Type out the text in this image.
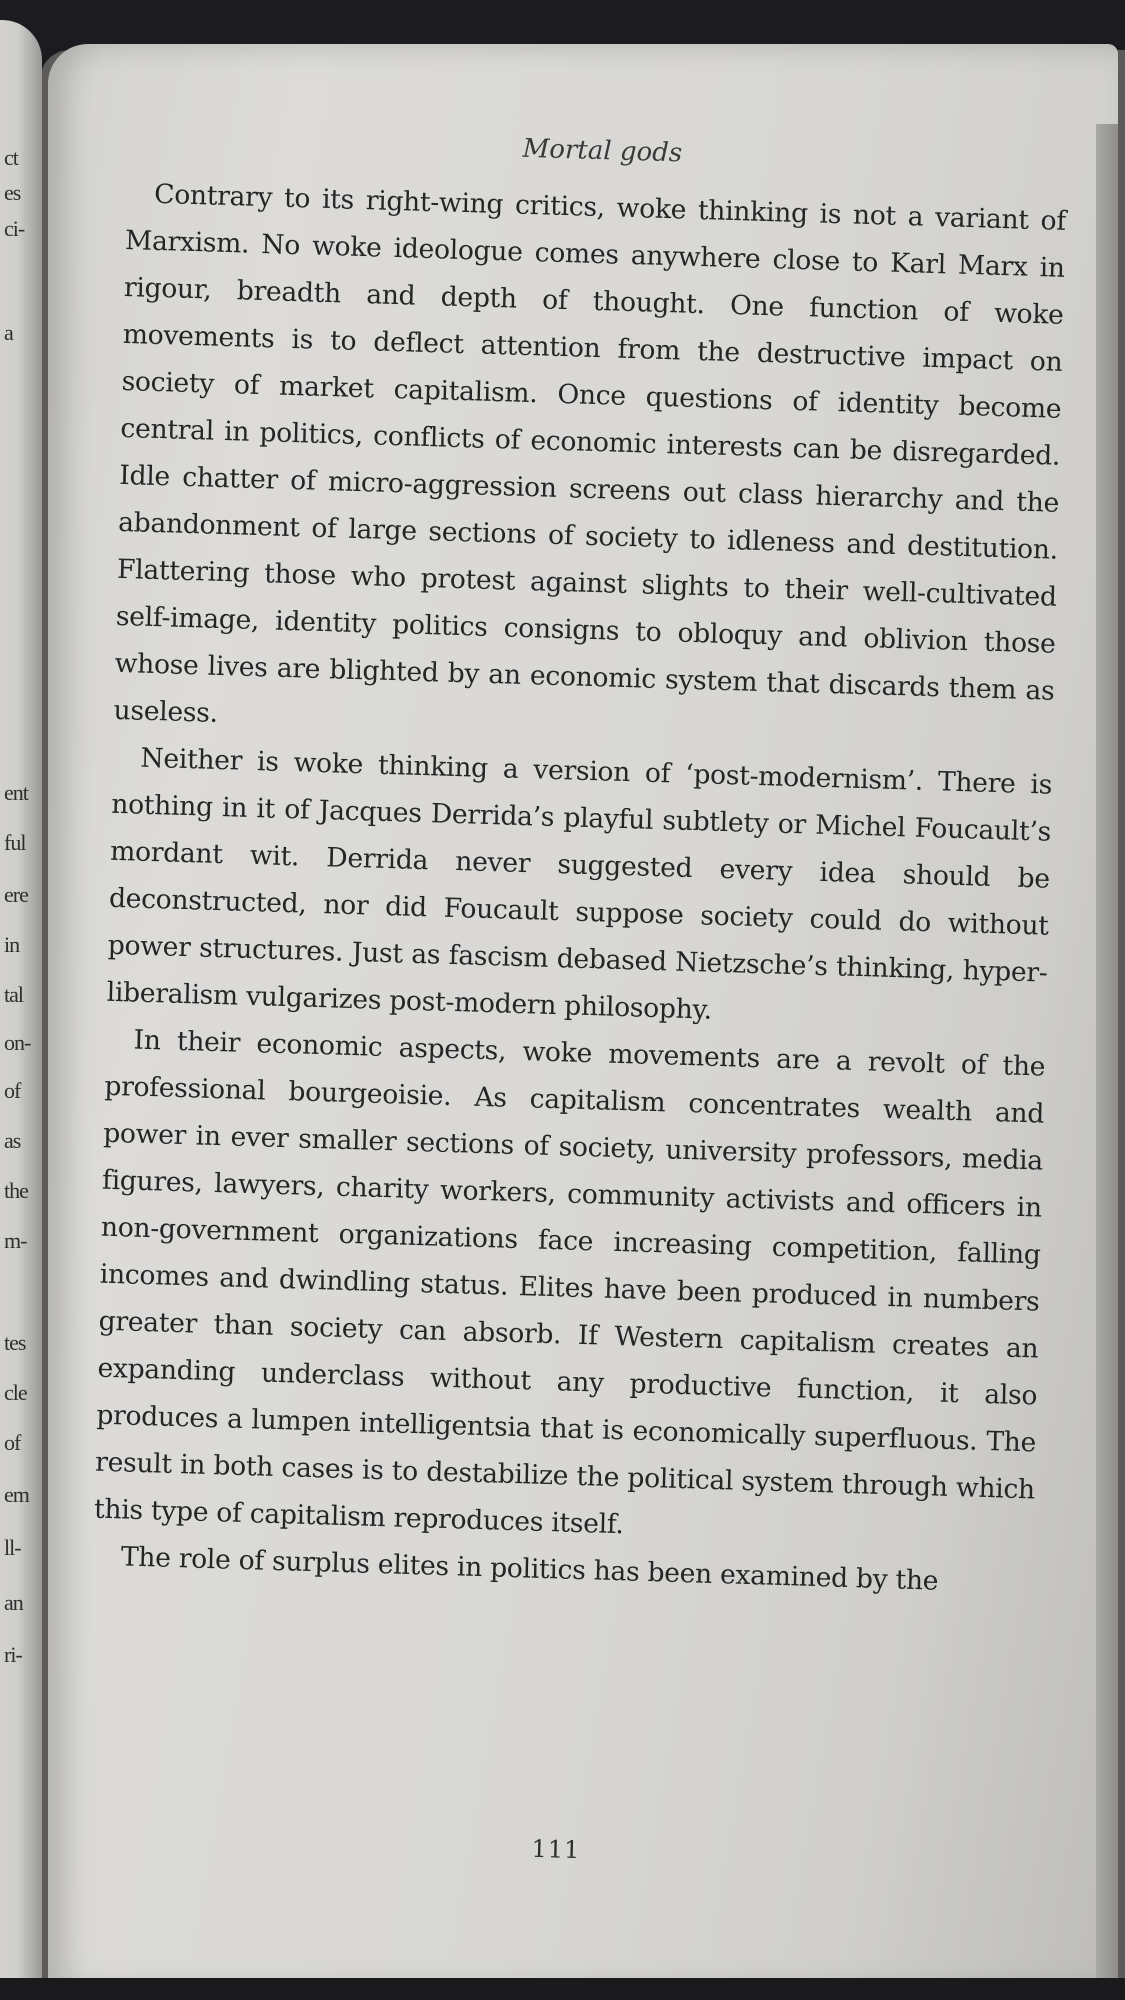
ct
es
ci-
a
ent
ful
ere
in
tal
on-
of
as
the
m-
tes
cle
of
em
ll-
an
ri-
Mortal gods

Contrary to its right-wing critics, woke thinking is not a variant of Marxism. No woke ideologue comes anywhere close to Karl Marx in rigour, breadth and depth of thought. One function of woke movements is to deflect attention from the destructive impact on society of market capitalism. Once questions of identity become central in politics, conflicts of economic interests can be disregarded. Idle chatter of micro-aggression screens out class hierarchy and the abandonment of large sections of society to idleness and destitution. Flattering those who protest against slights to their well-cultivated self-image, identity politics consigns to obloquy and oblivion those whose lives are blighted by an economic system that discards them as useless.

Neither is woke thinking a version of ‘post-modernism’. There is nothing in it of Jacques Derrida’s playful subtlety or Michel Foucault’s mordant wit. Derrida never suggested every idea should be deconstructed, nor did Foucault suppose society could do without power structures. Just as fascism debased Nietzsche’s thinking, hyper-liberalism vulgarizes post-modern philosophy.

In their economic aspects, woke movements are a revolt of the professional bourgeoisie. As capitalism concentrates wealth and power in ever smaller sections of society, university professors, media figures, lawyers, charity workers, community activists and officers in non-government organizations face increasing competition, falling incomes and dwindling status. Elites have been produced in numbers greater than society can absorb. If Western capitalism creates an expanding underclass without any productive function, it also produces a lumpen intelligentsia that is economically superfluous. The result in both cases is to destabilize the political system through which this type of capitalism reproduces itself.

The role of surplus elites in politics has been examined by the

111
